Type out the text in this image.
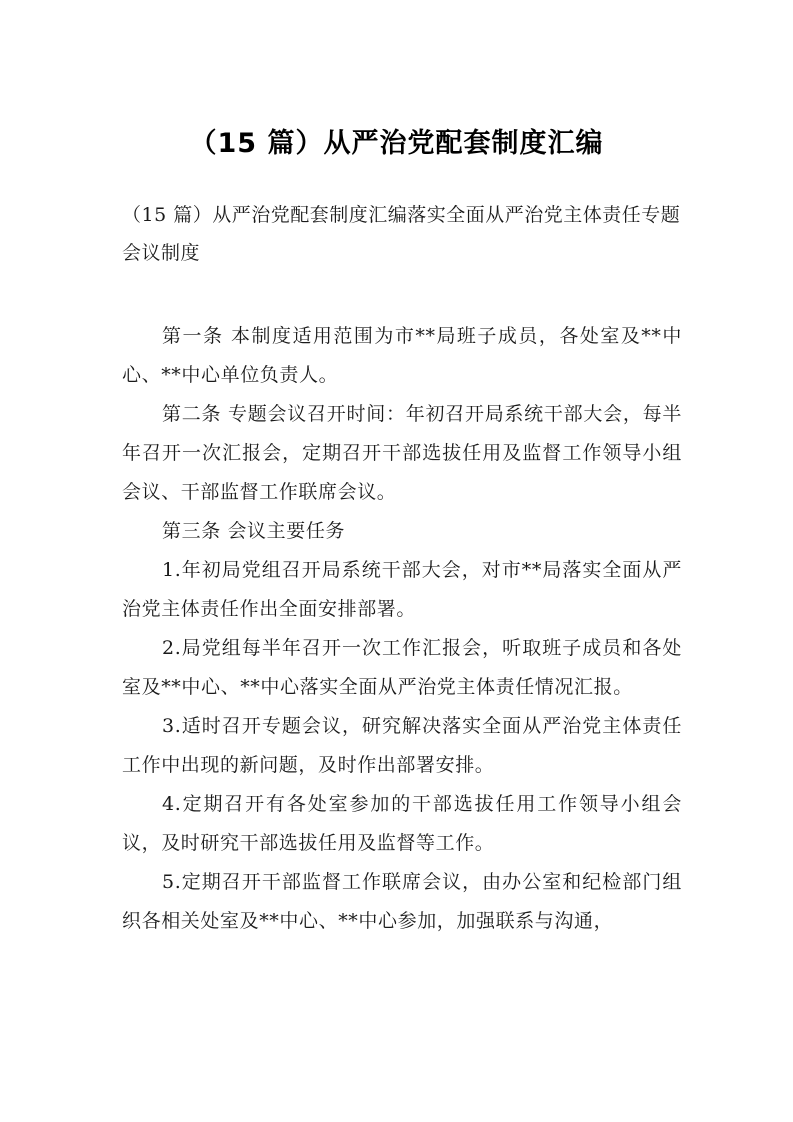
（15 篇）从严治党配套制度汇编
（15 篇）从严治党配套制度汇编落实全面从严治党主体责任专题会议制度

第一条 本制度适用范围为市**局班子成员，各处室及**中心、**中心单位负责人。

第二条 专题会议召开时间：年初召开局系统干部大会，每半年召开一次汇报会，定期召开干部选拔任用及监督工作领导小组会议、干部监督工作联席会议。

第三条 会议主要任务

1.年初局党组召开局系统干部大会，对市**局落实全面从严治党主体责任作出全面安排部署。

2.局党组每半年召开一次工作汇报会，听取班子成员和各处室及**中心、**中心落实全面从严治党主体责任情况汇报。

3.适时召开专题会议，研究解决落实全面从严治党主体责任工作中出现的新问题，及时作出部署安排。

4.定期召开有各处室参加的干部选拔任用工作领导小组会议，及时研究干部选拔任用及监督等工作。

5.定期召开干部监督工作联席会议，由办公室和纪检部门组织各相关处室及**中心、**中心参加，加强联系与沟通，
